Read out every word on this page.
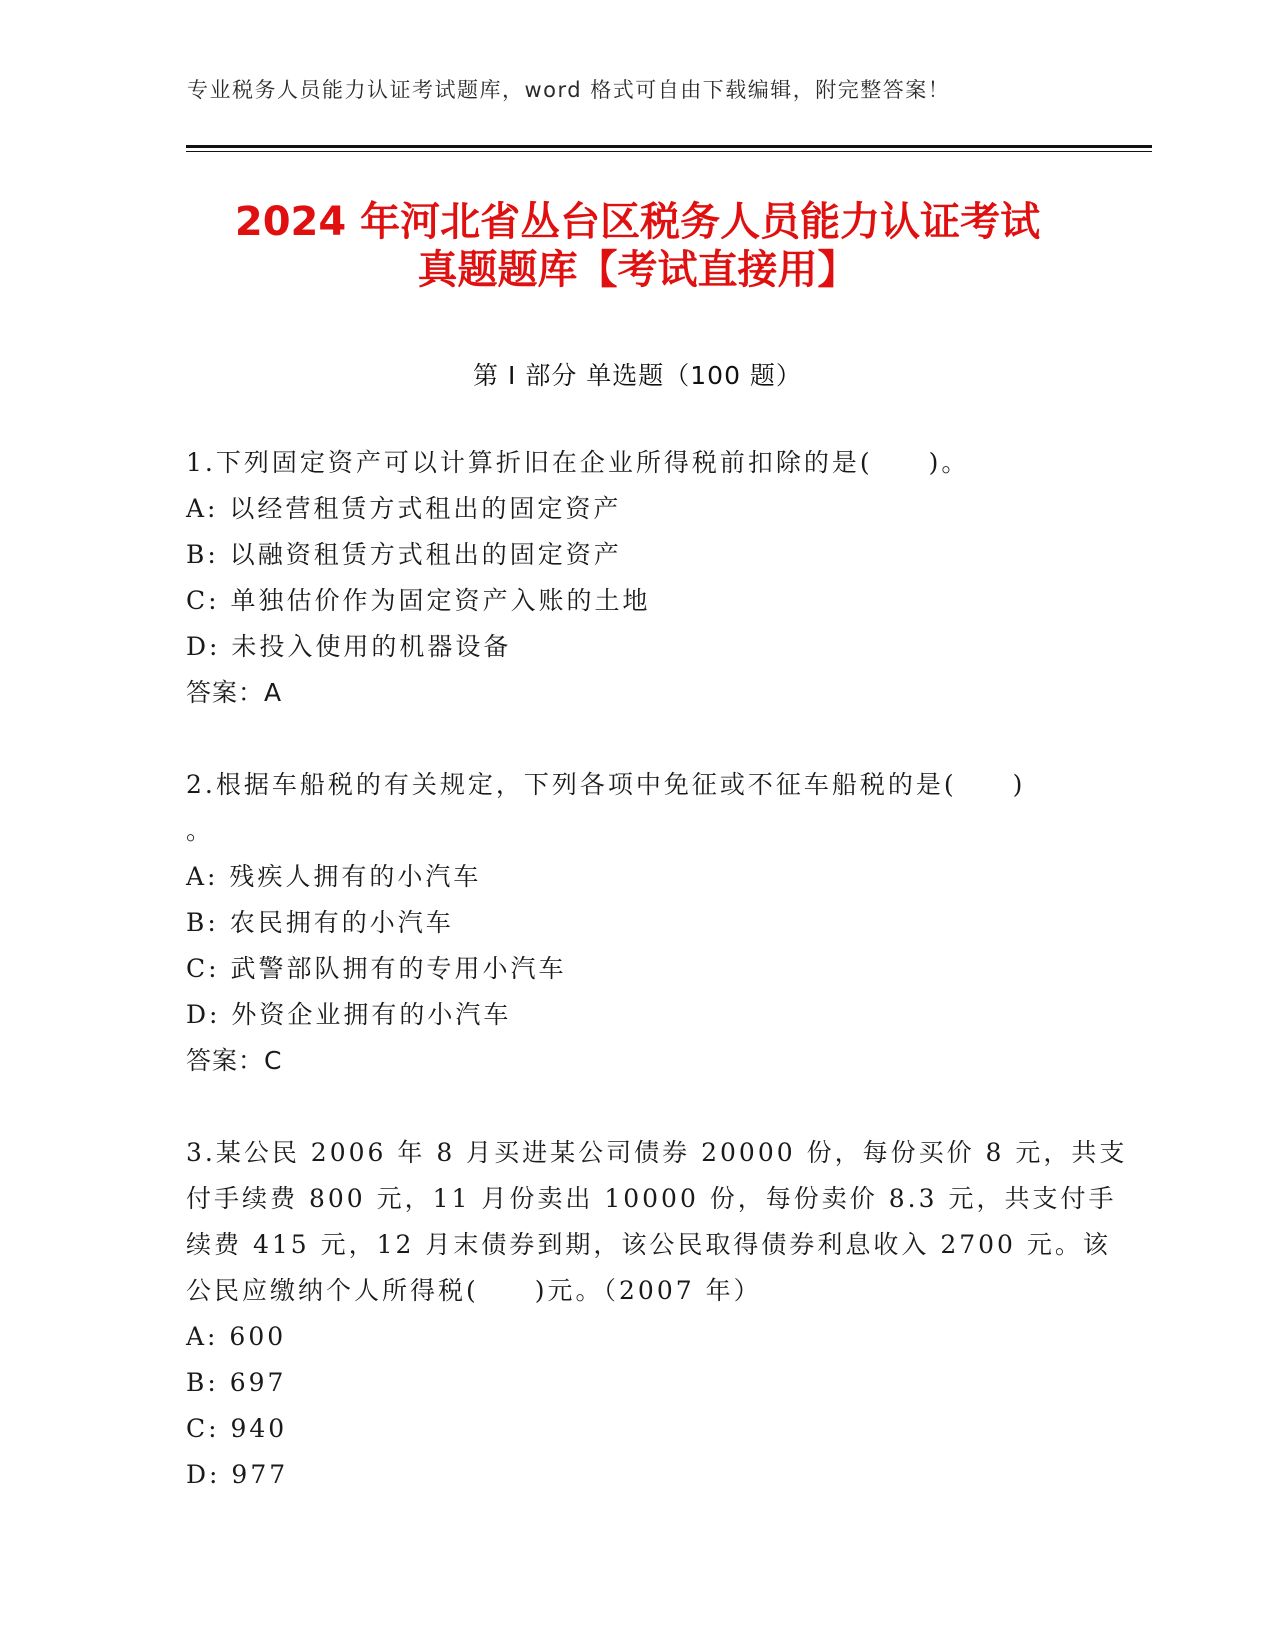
专业税务人员能力认证考试题库，word 格式可自由下载编辑，附完整答案！
2024 年河北省丛台区税务人员能力认证考试
真题题库【考试直接用】
第 I 部分 单选题（100 题）
1.下列固定资产可以计算折旧在企业所得税前扣除的是(　　)。
A: 以经营租赁方式租出的固定资产
B: 以融资租赁方式租出的固定资产
C: 单独估价作为固定资产入账的土地
D: 未投入使用的机器设备
答案：A
2.根据车船税的有关规定，下列各项中免征或不征车船税的是(　　)
。
A: 残疾人拥有的小汽车
B: 农民拥有的小汽车
C: 武警部队拥有的专用小汽车
D: 外资企业拥有的小汽车
答案：C
3.某公民 2006 年 8 月买进某公司债券 20000 份，每份买价 8 元，共支
付手续费 800 元，11 月份卖出 10000 份，每份卖价 8.3 元，共支付手
续费 415 元，12 月末债券到期，该公民取得债券利息收入 2700 元。该
公民应缴纳个人所得税(　　)元。（2007 年）
A: 600
B: 697
C: 940
D: 977
